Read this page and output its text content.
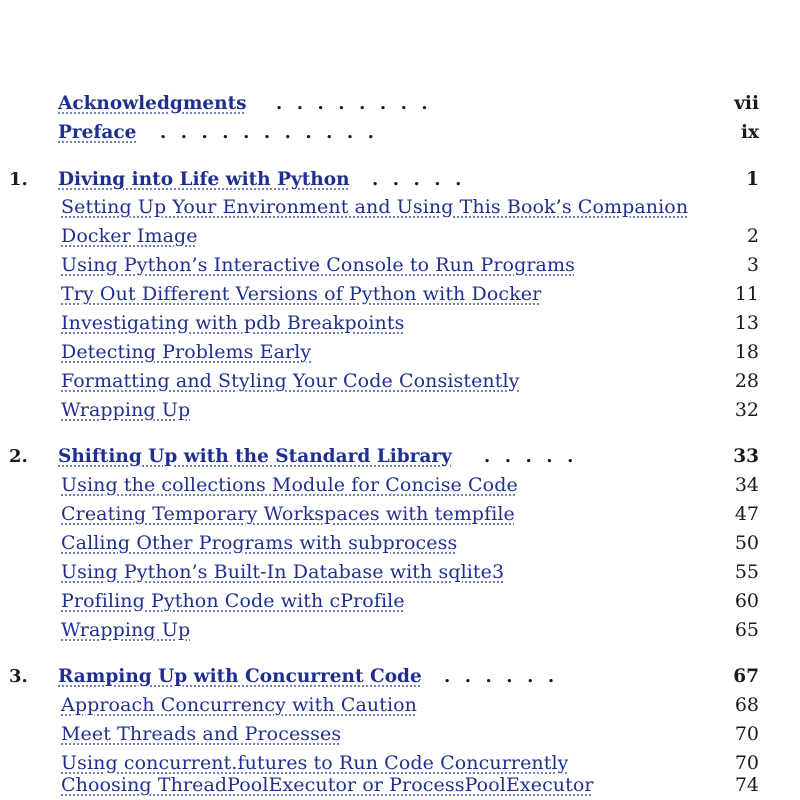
Acknowledgments ........	vii
Preface ...........	ix
1. Diving into Life with Python .....	1
Setting Up Your Environment and Using This Book’s Companion
Docker Image	2
Using Python’s Interactive Console to Run Programs	3
Try Out Different Versions of Python with Docker	11
Investigating with pdb Breakpoints	13
Detecting Problems Early	18
Formatting and Styling Your Code Consistently	28
Wrapping Up	32
2. Shifting Up with the Standard Library .....	33
Using the collections Module for Concise Code	34
Creating Temporary Workspaces with tempfile	47
Calling Other Programs with subprocess	50
Using Python’s Built-In Database with sqlite3	55
Profiling Python Code with cProfile	60
Wrapping Up	65
3. Ramping Up with Concurrent Code ......	67
Approach Concurrency with Caution	68
Meet Threads and Processes	70
Using concurrent.futures to Run Code Concurrently	70
Choosing ThreadPoolExecutor or ProcessPoolExecutor	74
